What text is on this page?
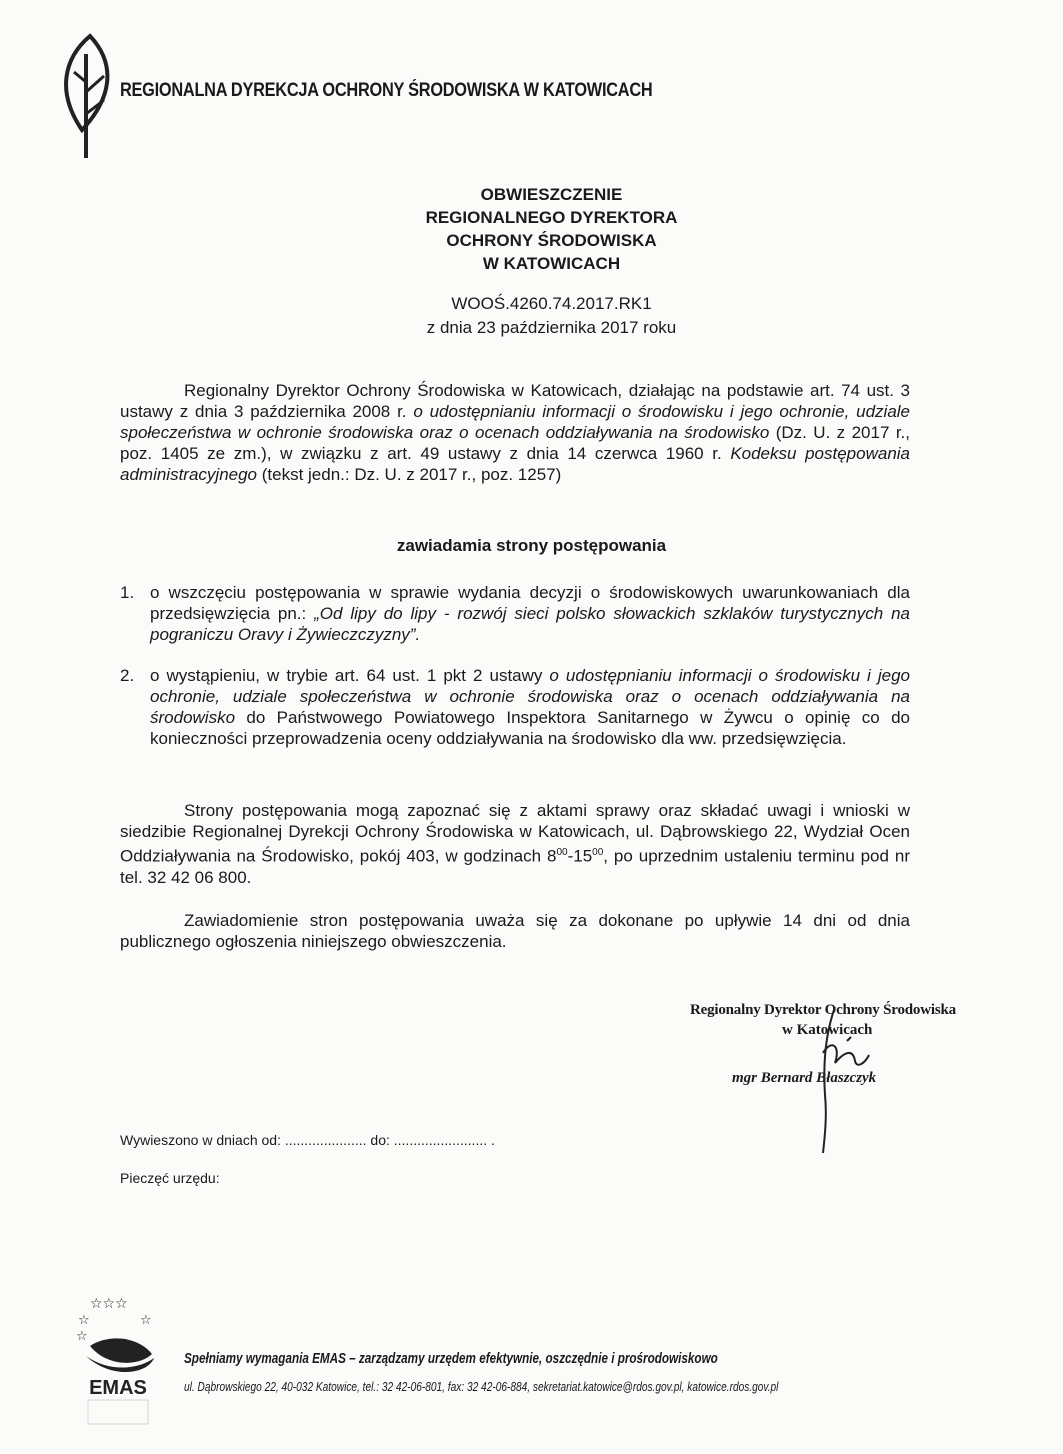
REGIONALNA DYREKCJA OCHRONY ŚRODOWISKA W KATOWICACH
OBWIESZCZENIE
REGIONALNEGO DYREKTORA
OCHRONY ŚRODOWISKA
W KATOWICACH
WOOŚ.4260.74.2017.RK1
z dnia 23 października 2017 roku
Regionalny Dyrektor Ochrony Środowiska w Katowicach, działając na podstawie art. 74 ust. 3 ustawy z dnia 3 października 2008 r. o udostępnianiu informacji o środowisku i jego ochronie, udziale społeczeństwa w ochronie środowiska oraz o ocenach oddziaływania na środowisko (Dz. U. z 2017 r., poz. 1405 ze zm.), w związku z art. 49 ustawy z dnia 14 czerwca 1960 r. Kodeksu postępowania administracyjnego (tekst jedn.: Dz. U. z 2017 r., poz. 1257)
zawiadamia strony postępowania
1. o wszczęciu postępowania w sprawie wydania decyzji o środowiskowych uwarunkowaniach dla przedsięwzięcia pn.: „Od lipy do lipy - rozwój sieci polsko słowackich szklaków turystycznych na pograniczu Oravy i Żywieczczyzny”.
2. o wystąpieniu, w trybie art. 64 ust. 1 pkt 2 ustawy o udostępnianiu informacji o środowisku i jego ochronie, udziale społeczeństwa w ochronie środowiska oraz o ocenach oddziaływania na środowisko do Państwowego Powiatowego Inspektora Sanitarnego w Żywcu o opinię co do konieczności przeprowadzenia oceny oddziaływania na środowisko dla ww. przedsięwzięcia.
Strony postępowania mogą zapoznać się z aktami sprawy oraz składać uwagi i wnioski w siedzibie Regionalnej Dyrekcji Ochrony Środowiska w Katowicach, ul. Dąbrowskiego 22, Wydział Ocen Oddziaływania na Środowisko, pokój 403, w godzinach $8^{00}-15^{00}$, po uprzednim ustaleniu terminu pod nr tel. 32 42 06 800.
Zawiadomienie stron postępowania uważa się za dokonane po upływie 14 dni od dnia publicznego ogłoszenia niniejszego obwieszczenia.
Regionalny Dyrektor Ochrony Środowiska
w Katowicach
mgr Bernard Błaszczyk
Wywieszono w dniach od: ..................... do: ........................ .
Pieczęć urzędu:
☆☆☆
☆	☆
☆
EMAS
Spełniamy wymagania EMAS – zarządzamy urzędem efektywnie, oszczędnie i prośrodowiskowo
ul. Dąbrowskiego 22, 40-032 Katowice, tel.: 32 42-06-801, fax: 32 42-06-884, sekretariat.katowice@rdos.gov.pl, katowice.rdos.gov.pl
